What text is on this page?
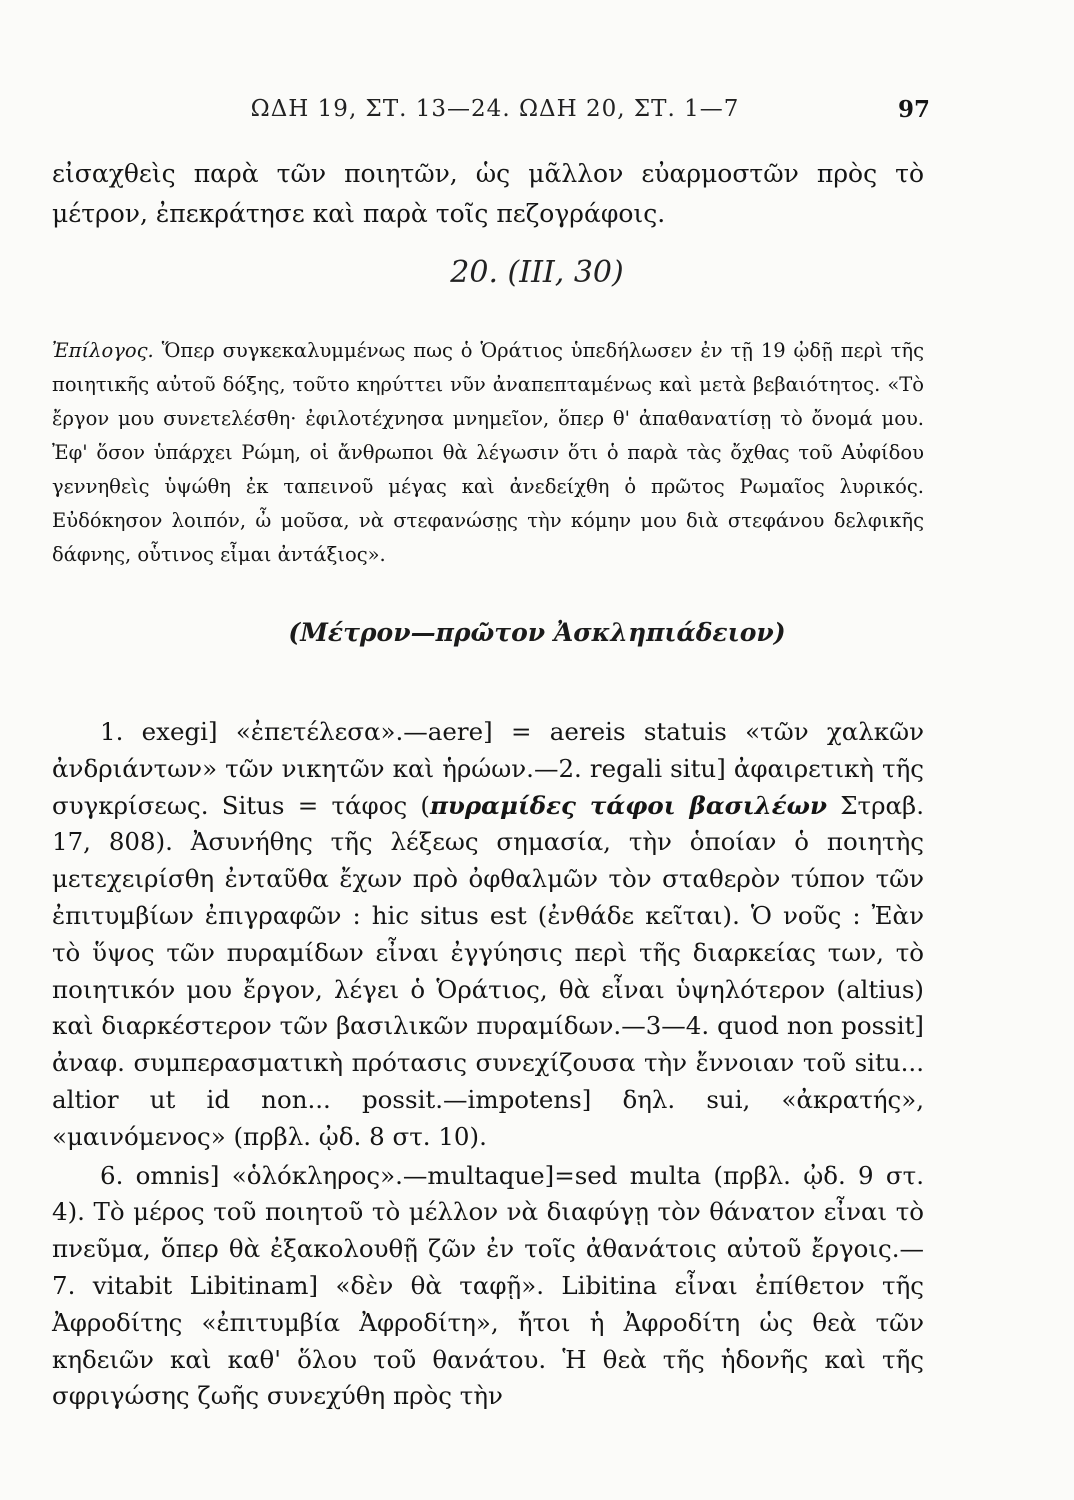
ΩΔΗ 19, ΣΤ. 13—24. ΩΔΗ 20, ΣΤ. 1—7	97
εἰσαχθεὶς παρὰ τῶν ποιητῶν, ὡς μᾶλλον εὐαρμοστῶν πρὸς τὸ μέτρον, ἐπεκράτησε καὶ παρὰ τοῖς πεζογράφοις.
20. (III, 30)
Ἐπίλογος. Ὅπερ συγκεκαλυμμένως πως ὁ Ὁράτιος ὑπεδήλωσεν ἐν τῇ 19 ᾠδῇ περὶ τῆς ποιητικῆς αὐτοῦ δόξης, τοῦτο κηρύττει νῦν ἀναπεπταμένως καὶ μετὰ βεβαιότητος. «Τὸ ἔργον μου συνετελέσθη· ἐφιλοτέχνησα μνημεῖον, ὅπερ θ' ἀπαθανατίσῃ τὸ ὄνομά μου. Ἐφ' ὅσον ὑπάρχει Ρώμη, οἱ ἄνθρωποι θὰ λέγωσιν ὅτι ὁ παρὰ τὰς ὄχθας τοῦ Αὐφίδου γεννηθεὶς ὑψώθη ἐκ ταπεινοῦ μέγας καὶ ἀνεδείχθη ὁ πρῶτος Ρωμαῖος λυρικός. Εὐδόκησον λοιπόν, ὦ μοῦσα, νὰ στεφανώσῃς τὴν κόμην μου διὰ στεφάνου δελφικῆς δάφνης, οὗτινος εἶμαι ἀντάξιος».
(Μέτρον—πρῶτον Ἀσκληπιάδειον)

1. exegi] «ἐπετέλεσα».—aere] = aereis statuis «τῶν χαλκῶν ἀνδριάντων» τῶν νικητῶν καὶ ἡρώων.—2. regali situ] ἀφαιρετικὴ τῆς συγκρίσεως. Situs = τάφος (πυραμίδες τάφοι βασιλέων Στραβ. 17, 808). Ἀσυνήθης τῆς λέξεως σημασία, τὴν ὁποίαν ὁ ποιητὴς μετεχειρίσθη ἐνταῦθα ἔχων πρὸ ὀφθαλμῶν τὸν σταθερὸν τύπον τῶν ἐπιτυμβίων ἐπιγραφῶν : hic situs est (ἐνθάδε κεῖται). Ὁ νοῦς : Ἐὰν τὸ ὕψος τῶν πυραμίδων εἶναι ἐγγύησις περὶ τῆς διαρκείας των, τὸ ποιητικόν μου ἔργον, λέγει ὁ Ὁράτιος, θὰ εἶναι ὑψηλότερον (altius) καὶ διαρκέστερον τῶν βασιλικῶν πυραμίδων.—3—4. quod non possit] ἀναφ. συμπερασματικὴ πρότασις συνεχίζουσα τὴν ἔννοιαν τοῦ situ... altior ut id non... possit.—impotens] δηλ. sui, «ἀκρατής», «μαινόμενος» (πρβλ. ᾠδ. 8 στ. 10).

6. omnis] «ὁλόκληρος».—multaque]=sed multa (πρβλ. ᾠδ. 9 στ. 4). Τὸ μέρος τοῦ ποιητοῦ τὸ μέλλον νὰ διαφύγῃ τὸν θάνατον εἶναι τὸ πνεῦμα, ὅπερ θὰ ἐξακολουθῇ ζῶν ἐν τοῖς ἀθανάτοις αὐτοῦ ἔργοις.—7. vitabit Libitinam] «δὲν θὰ ταφῇ». Libitina εἶναι ἐπίθετον τῆς Ἀφροδίτης «ἐπιτυμβία Ἀφροδίτη», ἤτοι ἡ Ἀφροδίτη ὡς θεὰ τῶν κηδειῶν καὶ καθ' ὅλου τοῦ θανάτου. Ἡ θεὰ τῆς ἡδονῆς καὶ τῆς σφριγώσης ζωῆς συνεχύθη πρὸς τὴν
